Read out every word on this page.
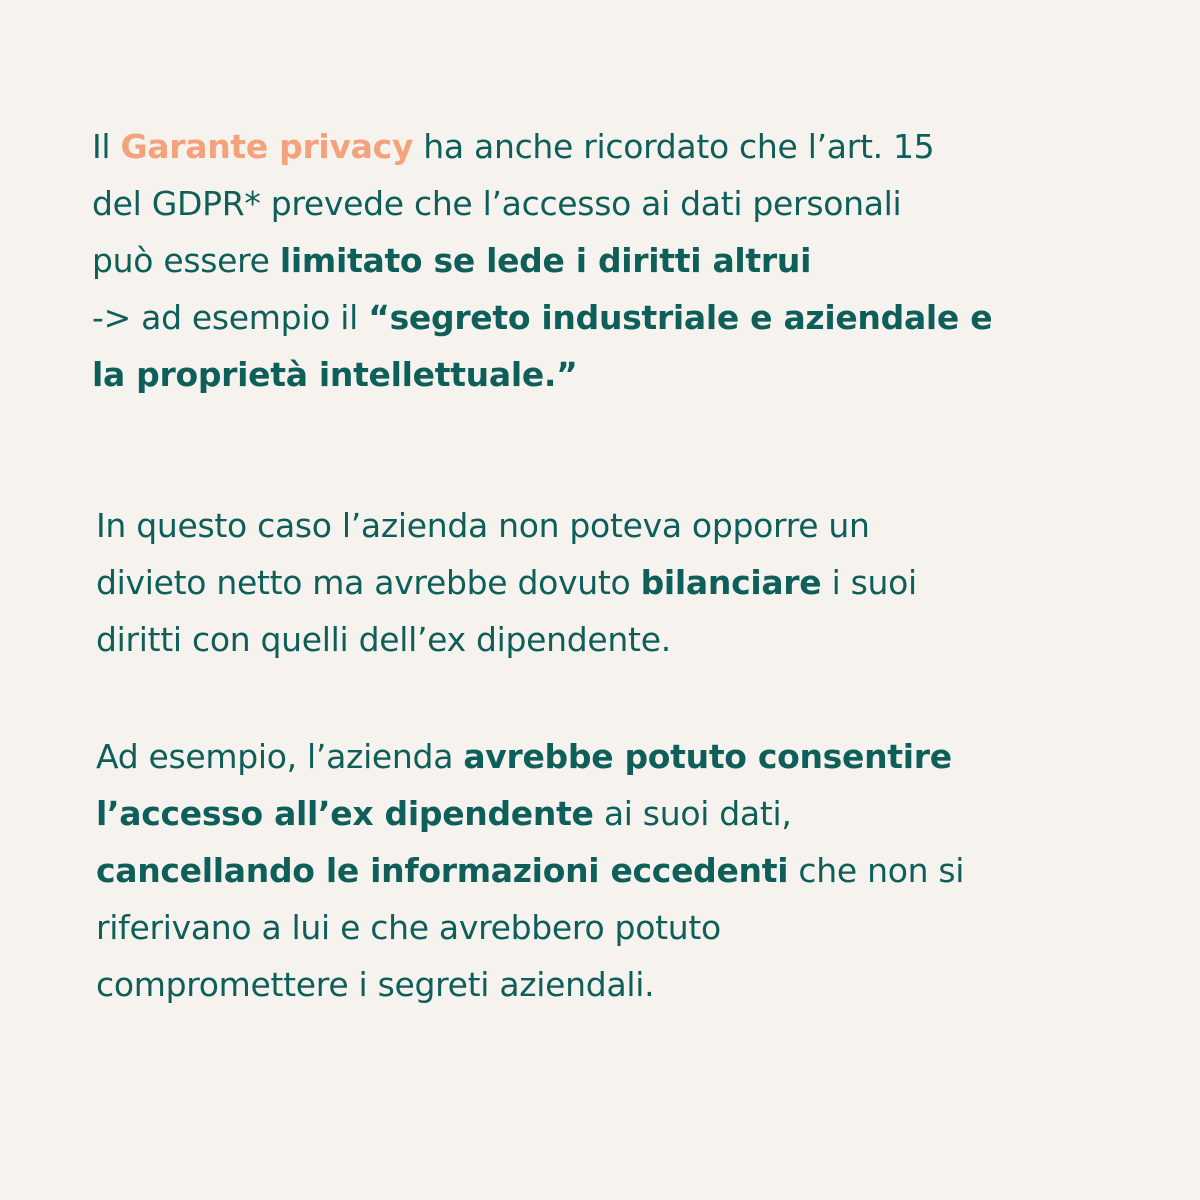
Il Garante privacy ha anche ricordato che l’art. 15
del GDPR* prevede che l’accesso ai dati personali
può essere limitato se lede i diritti altrui
-> ad esempio il “segreto industriale e aziendale e
la proprietà intellettuale.”

In questo caso l’azienda non poteva opporre un
divieto netto ma avrebbe dovuto bilanciare i suoi
diritti con quelli dell’ex dipendente.

Ad esempio, l’azienda avrebbe potuto consentire
l’accesso all’ex dipendente ai suoi dati,
cancellando le informazioni eccedenti che non si
riferivano a lui e che avrebbero potuto
compromettere i segreti aziendali.
